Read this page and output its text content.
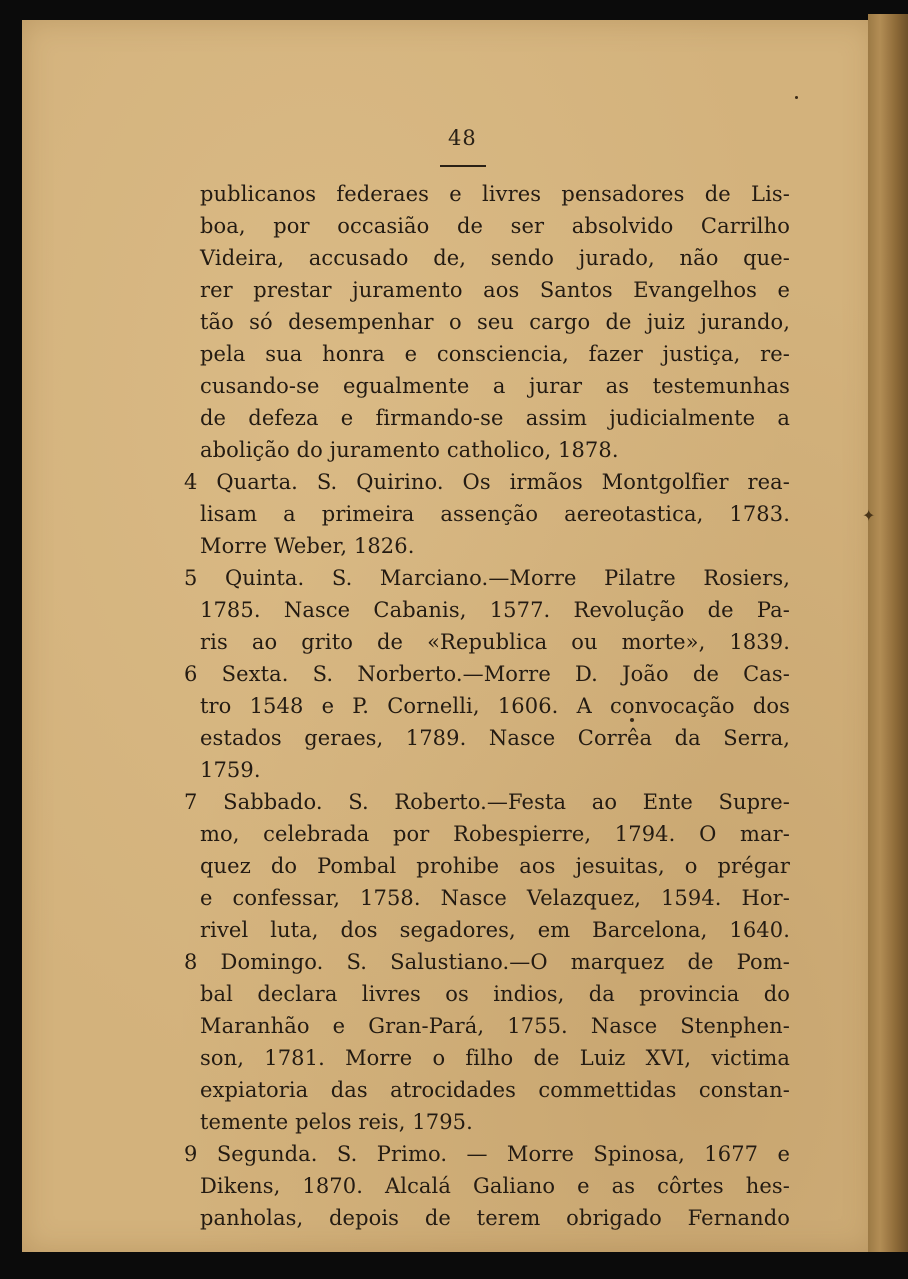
✦
48
publicanos federaes e livres pensadores de Lis-
boa, por occasião de ser absolvido Carrilho
Videira, accusado de, sendo jurado, não que-
rer prestar juramento aos Santos Evangelhos e
tão só desempenhar o seu cargo de juiz jurando,
pela sua honra e consciencia, fazer justiça, re-
cusando-se egualmente a jurar as testemunhas
de defeza e firmando-se assim judicialmente a
abolição do juramento catholico, 1878.
4 Quarta. S. Quirino. Os irmãos Montgolfier rea-
lisam a primeira assenção aereotastica, 1783.
Morre Weber, 1826.
5 Quinta. S. Marciano.—Morre Pilatre Rosiers,
1785. Nasce Cabanis, 1577. Revolução de Pa-
ris ao grito de «Republica ou morte», 1839.
6 Sexta. S. Norberto.—Morre D. João de Cas-
tro 1548 e P. Cornelli, 1606. A convocação dos
estados geraes, 1789. Nasce Corrêa da Serra,
1759.
7 Sabbado. S. Roberto.—Festa ao Ente Supre-
mo, celebrada por Robespierre, 1794. O mar-
quez do Pombal prohibe aos jesuitas, o prégar
e confessar, 1758. Nasce Velazquez, 1594. Hor-
rivel luta, dos segadores, em Barcelona, 1640.
8 Domingo. S. Salustiano.—O marquez de Pom-
bal declara livres os indios, da provincia do
Maranhão e Gran-Pará, 1755. Nasce Stenphen-
son, 1781. Morre o filho de Luiz XVI, victima
expiatoria das atrocidades commettidas constan-
temente pelos reis, 1795.
9 Segunda. S. Primo. — Morre Spinosa, 1677 e
Dikens, 1870. Alcalá Galiano e as côrtes hes-
panholas, depois de terem obrigado Fernando
